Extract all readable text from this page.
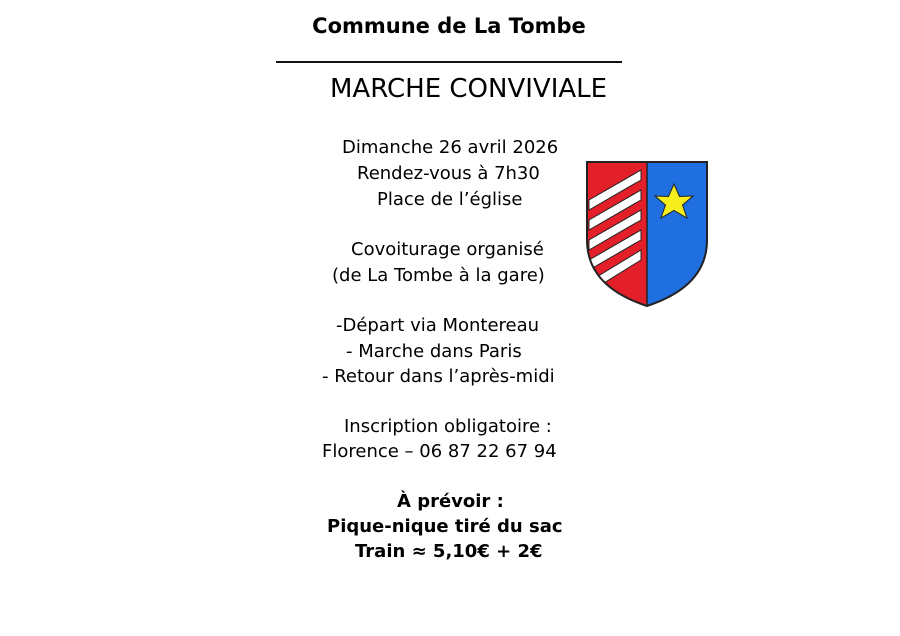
Commune de La Tombe
MARCHE CONVIVIALE
Dimanche 26 avril 2026
Rendez-vous à 7h30
Place de l’église
Covoiturage organisé
(de La Tombe à la gare)
-Départ via Montereau
- Marche dans Paris
- Retour dans l’après-midi
Inscription obligatoire :
Florence – 06 87 22 67 94
À prévoir :
Pique-nique tiré du sac
Train ≈ 5,10€ + 2€
